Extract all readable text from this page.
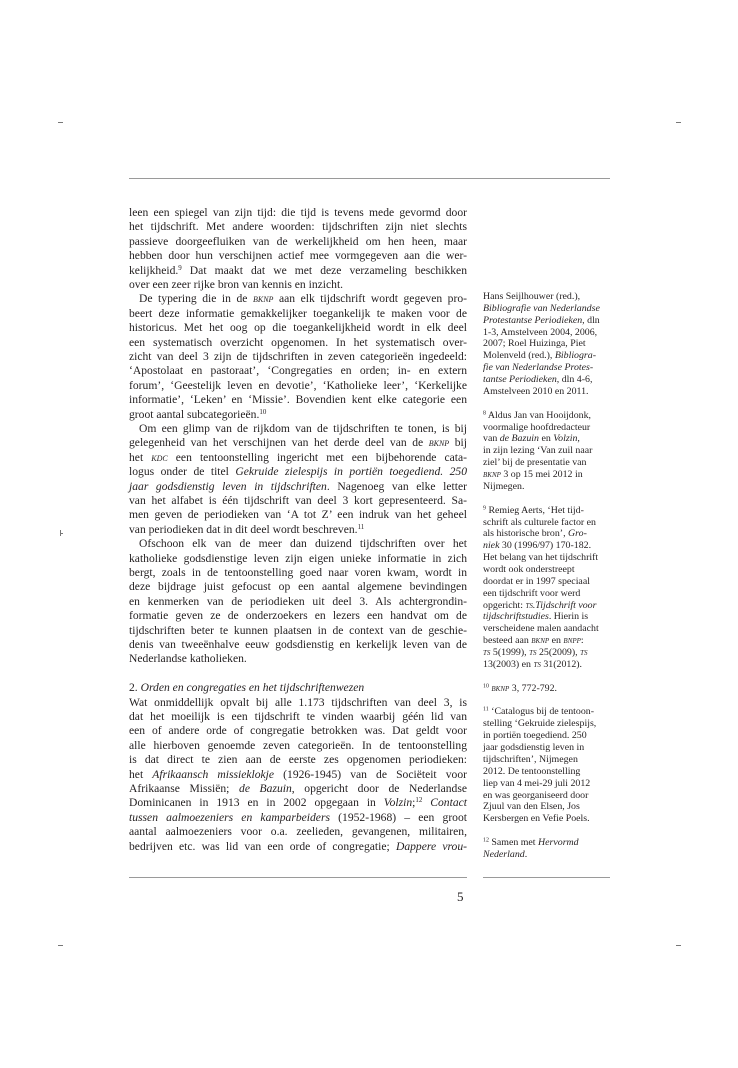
leen een spiegel van zijn tijd: die tijd is tevens mede gevormd door
het tijdschrift. Met andere woorden: tijdschriften zijn niet slechts
passieve doorgeefluiken van de werkelijkheid om hen heen, maar
hebben door hun verschijnen actief mee vormgegeven aan die wer-
kelijkheid.$^9$ Dat maakt dat we met deze verzameling beschikken
over een zeer rijke bron van kennis en inzicht.
De typering die in de bknp aan elk tijdschrift wordt gegeven pro-
beert deze informatie gemakkelijker toegankelijk te maken voor de
historicus. Met het oog op die toegankelijkheid wordt in elk deel
een systematisch overzicht opgenomen. In het systematisch over-
zicht van deel 3 zijn de tijdschriften in zeven categorieën ingedeeld:
‘Apostolaat en pastoraat’, ‘Congregaties en orden; in- en extern
forum’, ‘Geestelijk leven en devotie’, ‘Katholieke leer’, ‘Kerkelijke
informatie’, ‘Leken’ en ‘Missie’. Bovendien kent elke categorie een
groot aantal subcategorieën.$^{10}$
Om een glimp van de rijkdom van de tijdschriften te tonen, is bij
gelegenheid van het verschijnen van het derde deel van de bknp bij
het kdc een tentoonstelling ingericht met een bijbehorende cata-
logus onder de titel Gekruide zielespijs in portiën toegediend. 250
jaar godsdienstig leven in tijdschriften. Nagenoeg van elke letter
van het alfabet is één tijdschrift van deel 3 kort gepresenteerd. Sa-
men geven de periodieken van ‘A tot Z’ een indruk van het geheel
van periodieken dat in dit deel wordt beschreven.$^{11}$
Ofschoon elk van de meer dan duizend tijdschriften over het
katholieke godsdienstige leven zijn eigen unieke informatie in zich
bergt, zoals in de tentoonstelling goed naar voren kwam, wordt in
deze bijdrage juist gefocust op een aantal algemene bevindingen
en kenmerken van de periodieken uit deel 3. Als achtergrondin-
formatie geven ze de onderzoekers en lezers een handvat om de
tijdschriften beter te kunnen plaatsen in de context van de geschie-
denis van tweeënhalve eeuw godsdienstig en kerkelijk leven van de
Nederlandse katholieken.

2. Orden en congregaties en het tijdschriftenwezen
Wat onmiddellijk opvalt bij alle 1.173 tijdschriften van deel 3, is
dat het moeilijk is een tijdschrift te vinden waarbij géén lid van
een of andere orde of congregatie betrokken was. Dat geldt voor
alle hierboven genoemde zeven categorieën. In de tentoonstelling
is dat direct te zien aan de eerste zes opgenomen periodieken:
het Afrikaansch missieklokje (1926-1945) van de Sociëteit voor
Afrikaanse Missiën; de Bazuin, opgericht door de Nederlandse
Dominicanen in 1913 en in 2002 opgegaan in Volzin;$^{12}$ Contact
tussen aalmoezeniers en kamparbeiders (1952-1968) – een groot
aantal aalmoezeniers voor o.a. zeelieden, gevangenen, militairen,
bedrijven etc. was lid van een orde of congregatie; Dappere vrou-
Hans Seijlhouwer (red.),
Bibliografie van Nederlandse
Protestantse Periodieken, dln
1-3, Amstelveen 2004, 2006,
2007; Roel Huizinga, Piet
Molenveld (red.), Bibliogra-
fie van Nederlandse Protes-
tantse Periodieken, dln 4-6,
Amstelveen 2010 en 2011.

$^8$ Aldus Jan van Hooijdonk,
voormalige hoofdredacteur
van de Bazuin en Volzin,
in zijn lezing ‘Van zuil naar
ziel’ bij de presentatie van
bknp 3 op 15 mei 2012 in
Nijmegen.

$^9$ Remieg Aerts, ‘Het tijd-
schrift als culturele factor en
als historische bron’, Gro-
niek 30 (1996/97) 170-182.
Het belang van het tijdschrift
wordt ook onderstreept
doordat er in 1997 speciaal
een tijdschrift voor werd
opgericht: ts.Tijdschrift voor
tijdschriftstudies. Hierin is
verscheidene malen aandacht
besteed aan bknp en bnpp:
ts 5(1999), ts 25(2009), ts
13(2003) en ts 31(2012).

$^{10}$ bknp 3, 772-792.

$^{11}$ ‘Catalogus bij de tentoon-
stelling ‘Gekruide zielespijs,
in portiën toegediend. 250
jaar godsdienstig leven in
tijdschriften’, Nijmegen
2012. De tentoonstelling
liep van 4 mei-29 juli 2012
en was georganiseerd door
Zjuul van den Elsen, Jos
Kersbergen en Vefie Poels.

$^{12}$ Samen met Hervormd
Nederland.
5
